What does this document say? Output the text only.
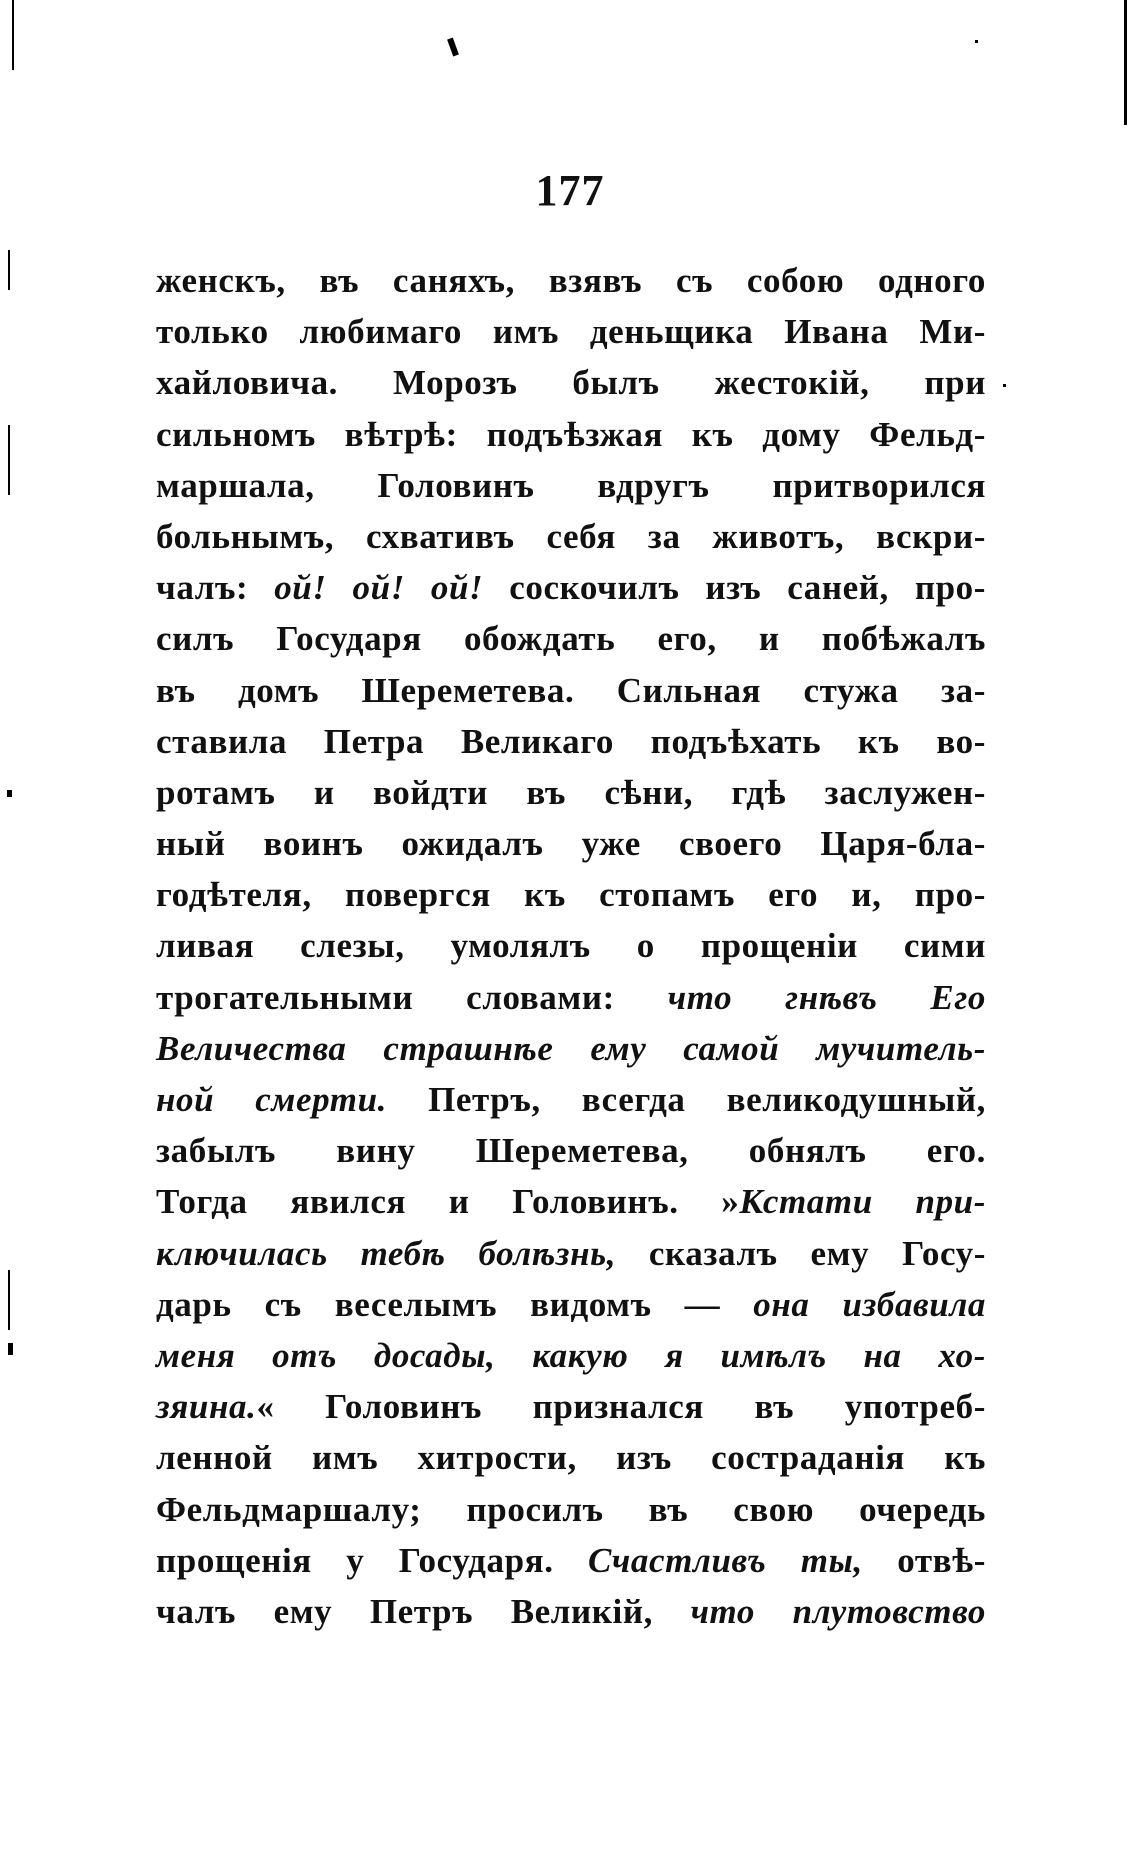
177
женскъ, въ саняхъ, взявъ съ собою одного
только любимаго имъ деньщика Ивана Ми-
хайловича. Морозъ былъ жестокій, при
сильномъ вѣтрѣ: подъѣзжая къ дому Фельд-
маршала, Головинъ вдругъ притворился
больнымъ, схвативъ себя за животъ, вскри-
чалъ: ой! ой! ой! соскочилъ изъ саней, про-
силъ Государя обождать его, и побѣжалъ
въ домъ Шереметева. Сильная стужа за-
ставила Петра Великаго подъѣхать къ во-
ротамъ и войдти въ сѣни, гдѣ заслужен-
ный воинъ ожидалъ уже своего Царя-бла-
годѣтеля, повергся къ стопамъ его и, про-
ливая слезы, умолялъ о прощеніи сими
трогательными словами: что гнѣвъ Его
Величества страшнѣе ему самой мучитель-
ной смерти. Петръ, всегда великодушный,
забылъ вину Шереметева, обнялъ его.
Тогда явился и Головинъ. »Кстати при-
ключилась тебѣ болѣзнь, сказалъ ему Госу-
дарь съ веселымъ видомъ — она избавила
меня отъ досады, какую я имѣлъ на хо-
зяина.« Головинъ признался въ употреб-
ленной имъ хитрости, изъ состраданія къ
Фельдмаршалу; просилъ въ свою очередь
прощенія у Государя. Счастливъ ты, отвѣ-
чалъ ему Петръ Великій, что плутовство
